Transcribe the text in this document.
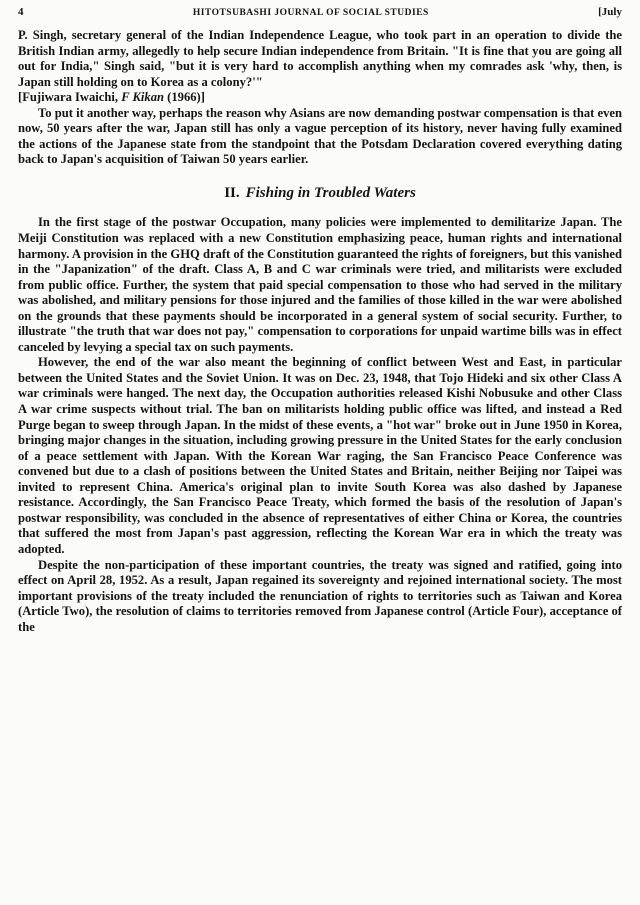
4	HITOTSUBASHI JOURNAL OF SOCIAL STUDIES	[July

P. Singh, secretary general of the Indian Independence League, who took part in an operation to divide the British Indian army, allegedly to help secure Indian independence from Britain. "It is fine that you are going all out for India," Singh said, "but it is very hard to accomplish anything when my comrades ask 'why, then, is Japan still holding on to Korea as a colony?'"

[Fujiwara Iwaichi, F Kikan (1966)]

To put it another way, perhaps the reason why Asians are now demanding postwar compensation is that even now, 50 years after the war, Japan still has only a vague perception of its history, never having fully examined the actions of the Japanese state from the standpoint that the Potsdam Declaration covered everything dating back to Japan's acquisition of Taiwan 50 years earlier.

II. Fishing in Troubled Waters

In the first stage of the postwar Occupation, many policies were implemented to demilitarize Japan. The Meiji Constitution was replaced with a new Constitution emphasizing peace, human rights and international harmony. A provision in the GHQ draft of the Constitution guaranteed the rights of foreigners, but this vanished in the "Japanization" of the draft. Class A, B and C war criminals were tried, and militarists were excluded from public office. Further, the system that paid special compensation to those who had served in the military was abolished, and military pensions for those injured and the families of those killed in the war were abolished on the grounds that these payments should be incorporated in a general system of social security. Further, to illustrate "the truth that war does not pay," compensation to corporations for unpaid wartime bills was in effect canceled by levying a special tax on such payments.

However, the end of the war also meant the beginning of conflict between West and East, in particular between the United States and the Soviet Union. It was on Dec. 23, 1948, that Tojo Hideki and six other Class A war criminals were hanged. The next day, the Occupation authorities released Kishi Nobusuke and other Class A war crime suspects without trial. The ban on militarists holding public office was lifted, and instead a Red Purge began to sweep through Japan. In the midst of these events, a "hot war" broke out in June 1950 in Korea, bringing major changes in the situation, including growing pressure in the United States for the early conclusion of a peace settlement with Japan. With the Korean War raging, the San Francisco Peace Conference was convened but due to a clash of positions between the United States and Britain, neither Beijing nor Taipei was invited to represent China. America's original plan to invite South Korea was also dashed by Japanese resistance. Accordingly, the San Francisco Peace Treaty, which formed the basis of the resolution of Japan's postwar responsibility, was concluded in the absence of representatives of either China or Korea, the countries that suffered the most from Japan's past aggression, reflecting the Korean War era in which the treaty was adopted.

Despite the non-participation of these important countries, the treaty was signed and ratified, going into effect on April 28, 1952. As a result, Japan regained its sovereignty and rejoined international society. The most important provisions of the treaty included the renunciation of rights to territories such as Taiwan and Korea (Article Two), the resolution of claims to territories removed from Japanese control (Article Four), acceptance of the
